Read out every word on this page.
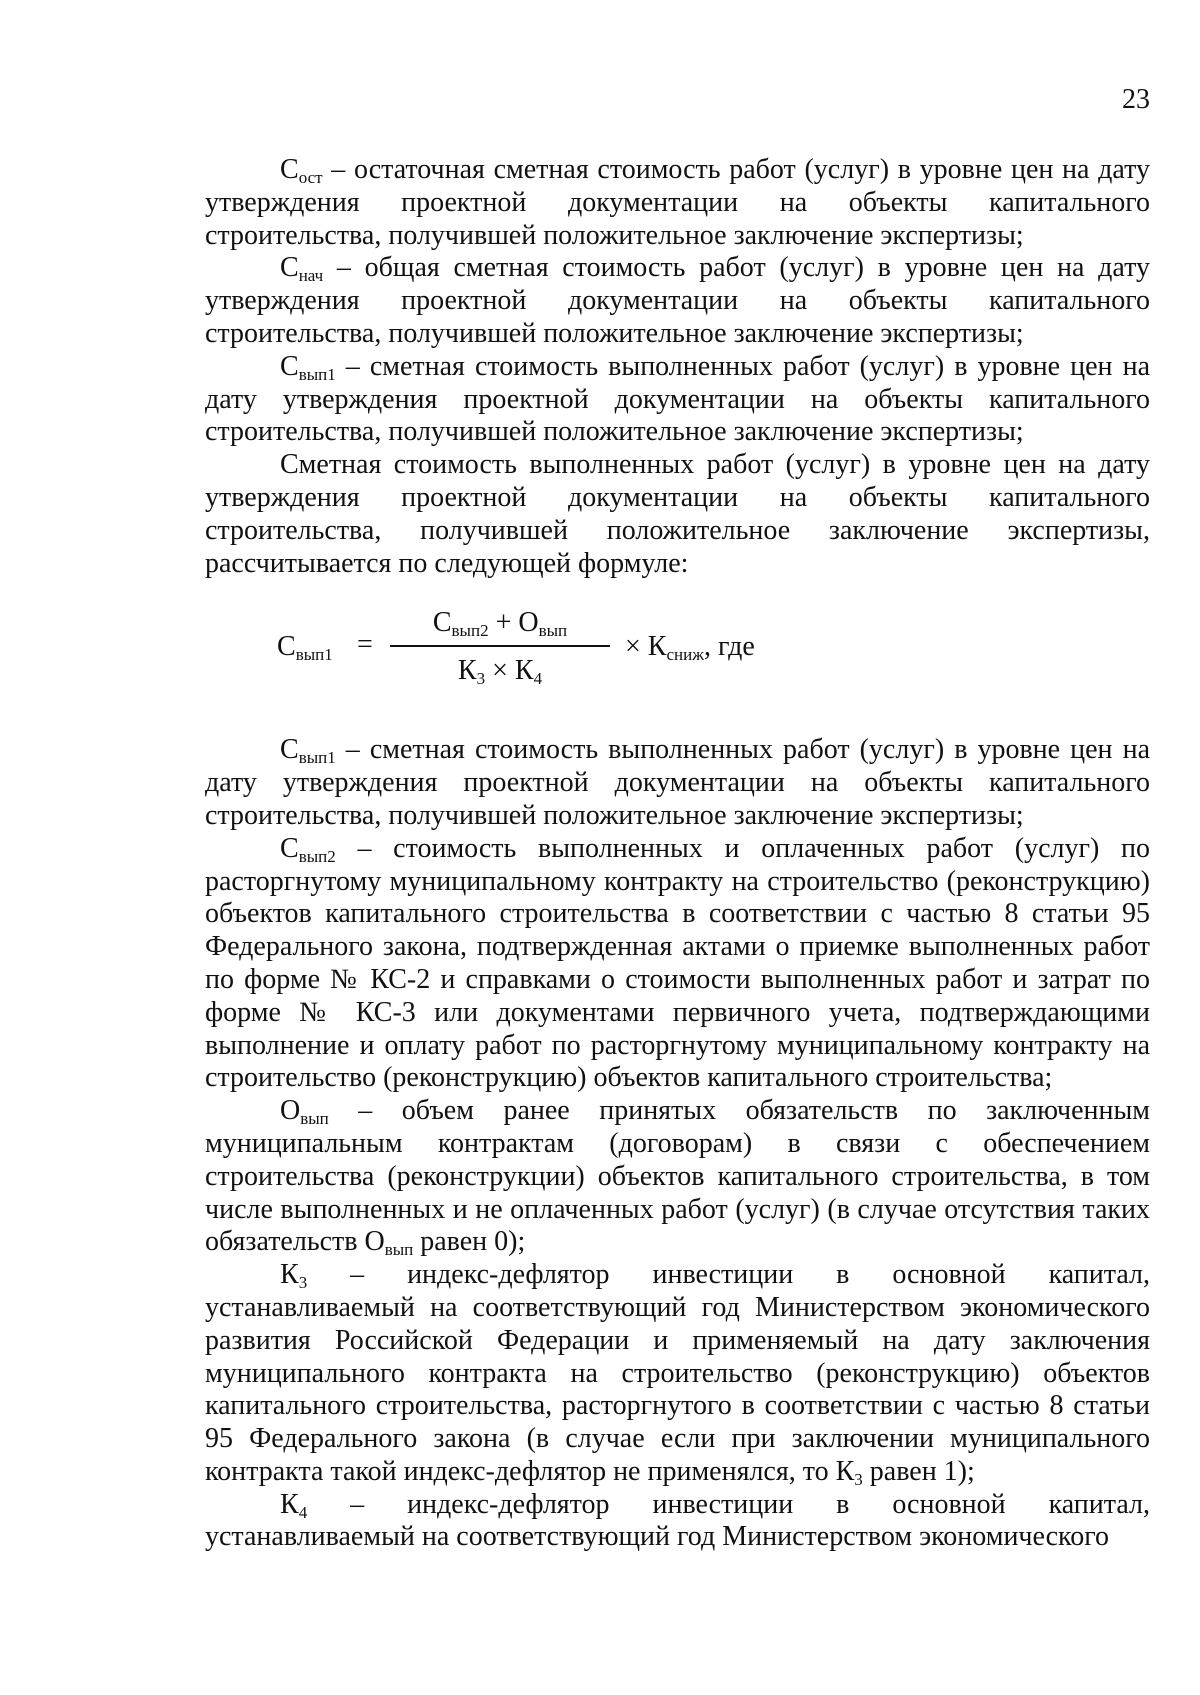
23

$С_{ост}$ – остаточная сметная стоимость работ (услуг) в уровне цен на дату утверждения проектной документации на объекты капитального строительства, получившей положительное заключение экспертизы;

$С_{нач}$ – общая сметная стоимость работ (услуг) в уровне цен на дату утверждения проектной документации на объекты капитального строительства, получившей положительное заключение экспертизы;

$С_{вып1}$ – сметная стоимость выполненных работ (услуг) в уровне цен на дату утверждения проектной документации на объекты капитального строительства, получившей положительное заключение экспертизы;

Сметная стоимость выполненных работ (услуг) в уровне цен на дату утверждения проектной документации на объекты капитального строительства, получившей положительное заключение экспертизы, рассчитывается по следующей формуле:

$С_{вып1}$ =
$С_{вып2} + О_{вып}$
$К_3 \times К_4$
× $К_{сниж}$, где

$С_{вып1}$ – сметная стоимость выполненных работ (услуг) в уровне цен на дату утверждения проектной документации на объекты капитального строительства, получившей положительное заключение экспертизы;

$С_{вып2}$ – стоимость выполненных и оплаченных работ (услуг) по расторгнутому муниципальному контракту на строительство (реконструкцию) объектов капитального строительства в соответствии с частью 8 статьи 95 Федерального закона, подтвержденная актами о приемке выполненных работ по форме № КС-2 и справками о стоимости выполненных работ и затрат по форме № КС-3 или документами первичного учета, подтверждающими выполнение и оплату работ по расторгнутому муниципальному контракту на строительство (реконструкцию) объектов капитального строительства;

$О_{вып}$ – объем ранее принятых обязательств по заключенным муниципальным контрактам (договорам) в связи с обеспечением строительства (реконструкции) объектов капитального строительства, в том числе выполненных и не оплаченных работ (услуг) (в случае отсутствия таких обязательств $О_{вып}$ равен 0);

$К_3$ – индекс-дефлятор инвестиции в основной капитал, устанавливаемый на соответствующий год Министерством экономического развития Российской Федерации и применяемый на дату заключения муниципального контракта на строительство (реконструкцию) объектов капитального строительства, расторгнутого в соответствии с частью 8 статьи 95 Федерального закона (в случае если при заключении муниципального контракта такой индекс-дефлятор не применялся, то $К_3$ равен 1);

$К_4$ – индекс-дефлятор инвестиции в основной капитал, устанавливаемый на соответствующий год Министерством экономического
